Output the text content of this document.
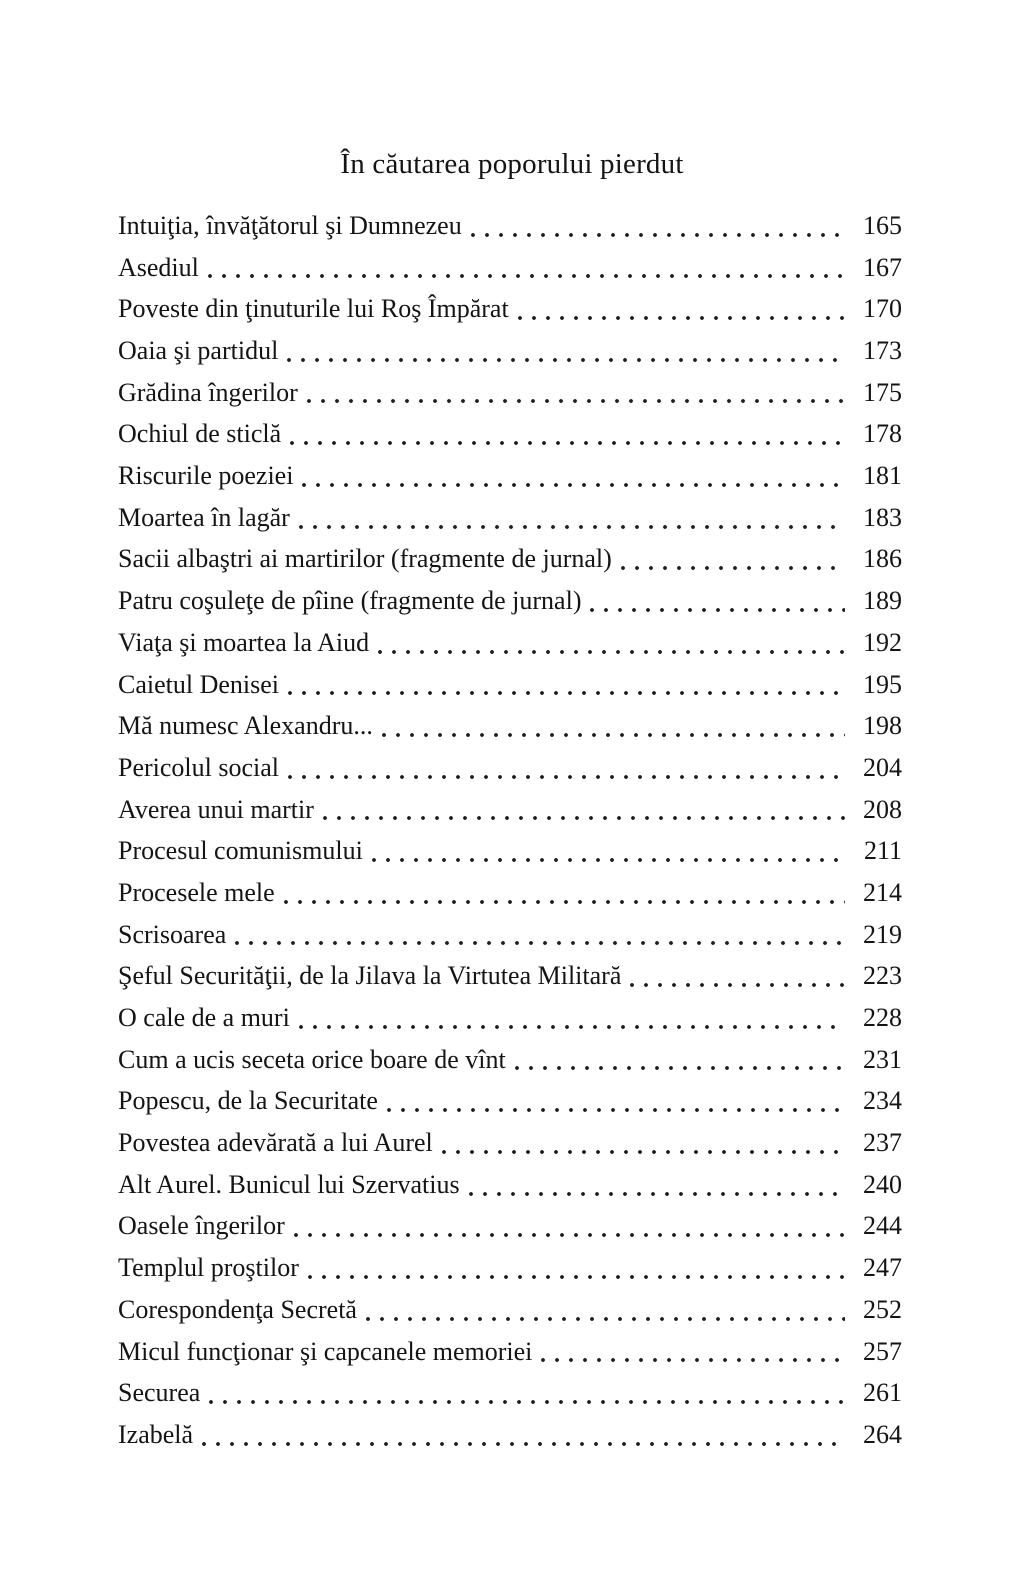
În căutarea poporului pierdut
Intuiţia, învăţătorul şi Dumnezeu	165
Asediul	167
Poveste din ţinuturile lui Roş Împărat	170
Oaia şi partidul	173
Grădina îngerilor	175
Ochiul de sticlă	178
Riscurile poeziei	181
Moartea în lagăr	183
Sacii albaştri ai martirilor (fragmente de jurnal)	186
Patru coşuleţe de pîine (fragmente de jurnal)	189
Viaţa şi moartea la Aiud	192
Caietul Denisei	195
Mă numesc Alexandru...	198
Pericolul social	204
Averea unui martir	208
Procesul comunismului	211
Procesele mele	214
Scrisoarea	219
Şeful Securităţii, de la Jilava la Virtutea Militară	223
O cale de a muri	228
Cum a ucis seceta orice boare de vînt	231
Popescu, de la Securitate	234
Povestea adevărată a lui Aurel	237
Alt Aurel. Bunicul lui Szervatius	240
Oasele îngerilor	244
Templul proştilor	247
Corespondenţa Secretă	252
Micul funcţionar şi capcanele memoriei	257
Securea	261
Izabelă	264
